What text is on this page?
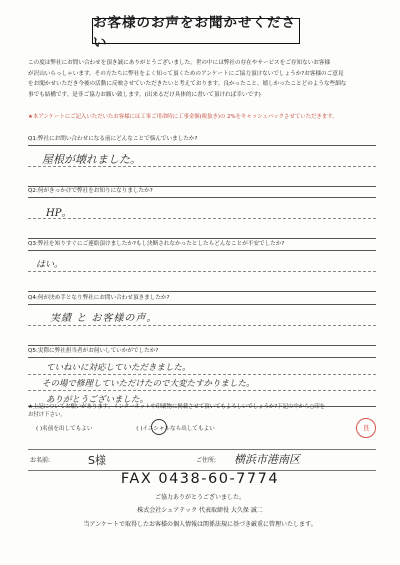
お客様のお声をお聞かせください

この度は弊社にお問い合わせを頂き誠にありがとうございました。世の中には弊社の存在やサービスをご存知ないお客様

が沢山いらっしゃいます。その方たちに弊社をよく知って頂くためのアンケートにご協力頂けないでしょうか?お客様のご意見

をお聞かせいただき今後の活動に反映させていただきたいと考えております。良かったこと、嬉しかったことどのような些細な

事でも結構です。是非ご協力お願い致します。(出来るだけ具体的に書いて頂ければ幸いです)

★本アンケートにご記入いただいたお客様には工事ご用命時に工事金額(税抜き)の 2%をキャッシュバックさせていただきます。
Q1:弊社にお問い合わせになる前にどんなことで悩んでいましたか?
屋根が壊れました。
Q2:何がきっかけで弊社をお知りになりましたか?
HP。
Q3:弊社を知りすぐにご連絡頂けましたか?もし決断されなかったとしたらどんなことが不安でしたか?
はい。
Q4:何が決め手となり弊社にお問い合わせ頂きましたか?
実績 と お客様の声。
Q5:実際に弊社担当者がお伺いしていかがでしたか?
ていねいに対応していただきました。
その場で修理していただけたので大変たすかりました。
ありがとうございました。
★上記についてお願いがあります。インターネットや印刷物に掲載させて頂いてもよろしいでしょうか?下記の中から○印を
お付け下さい。
( )名前を出してもよい	( )イニシャルなら出してもよい	良
お名前:	S様	ご住所: 横浜市港南区
FAX 0438-60-7774
ご協力ありがとうございました。
株式会社シェアテック 代表取締役 大久保 誠二
当アンケートで取得したお客様の個人情報は関係法規に基づき厳重に管理いたします。
